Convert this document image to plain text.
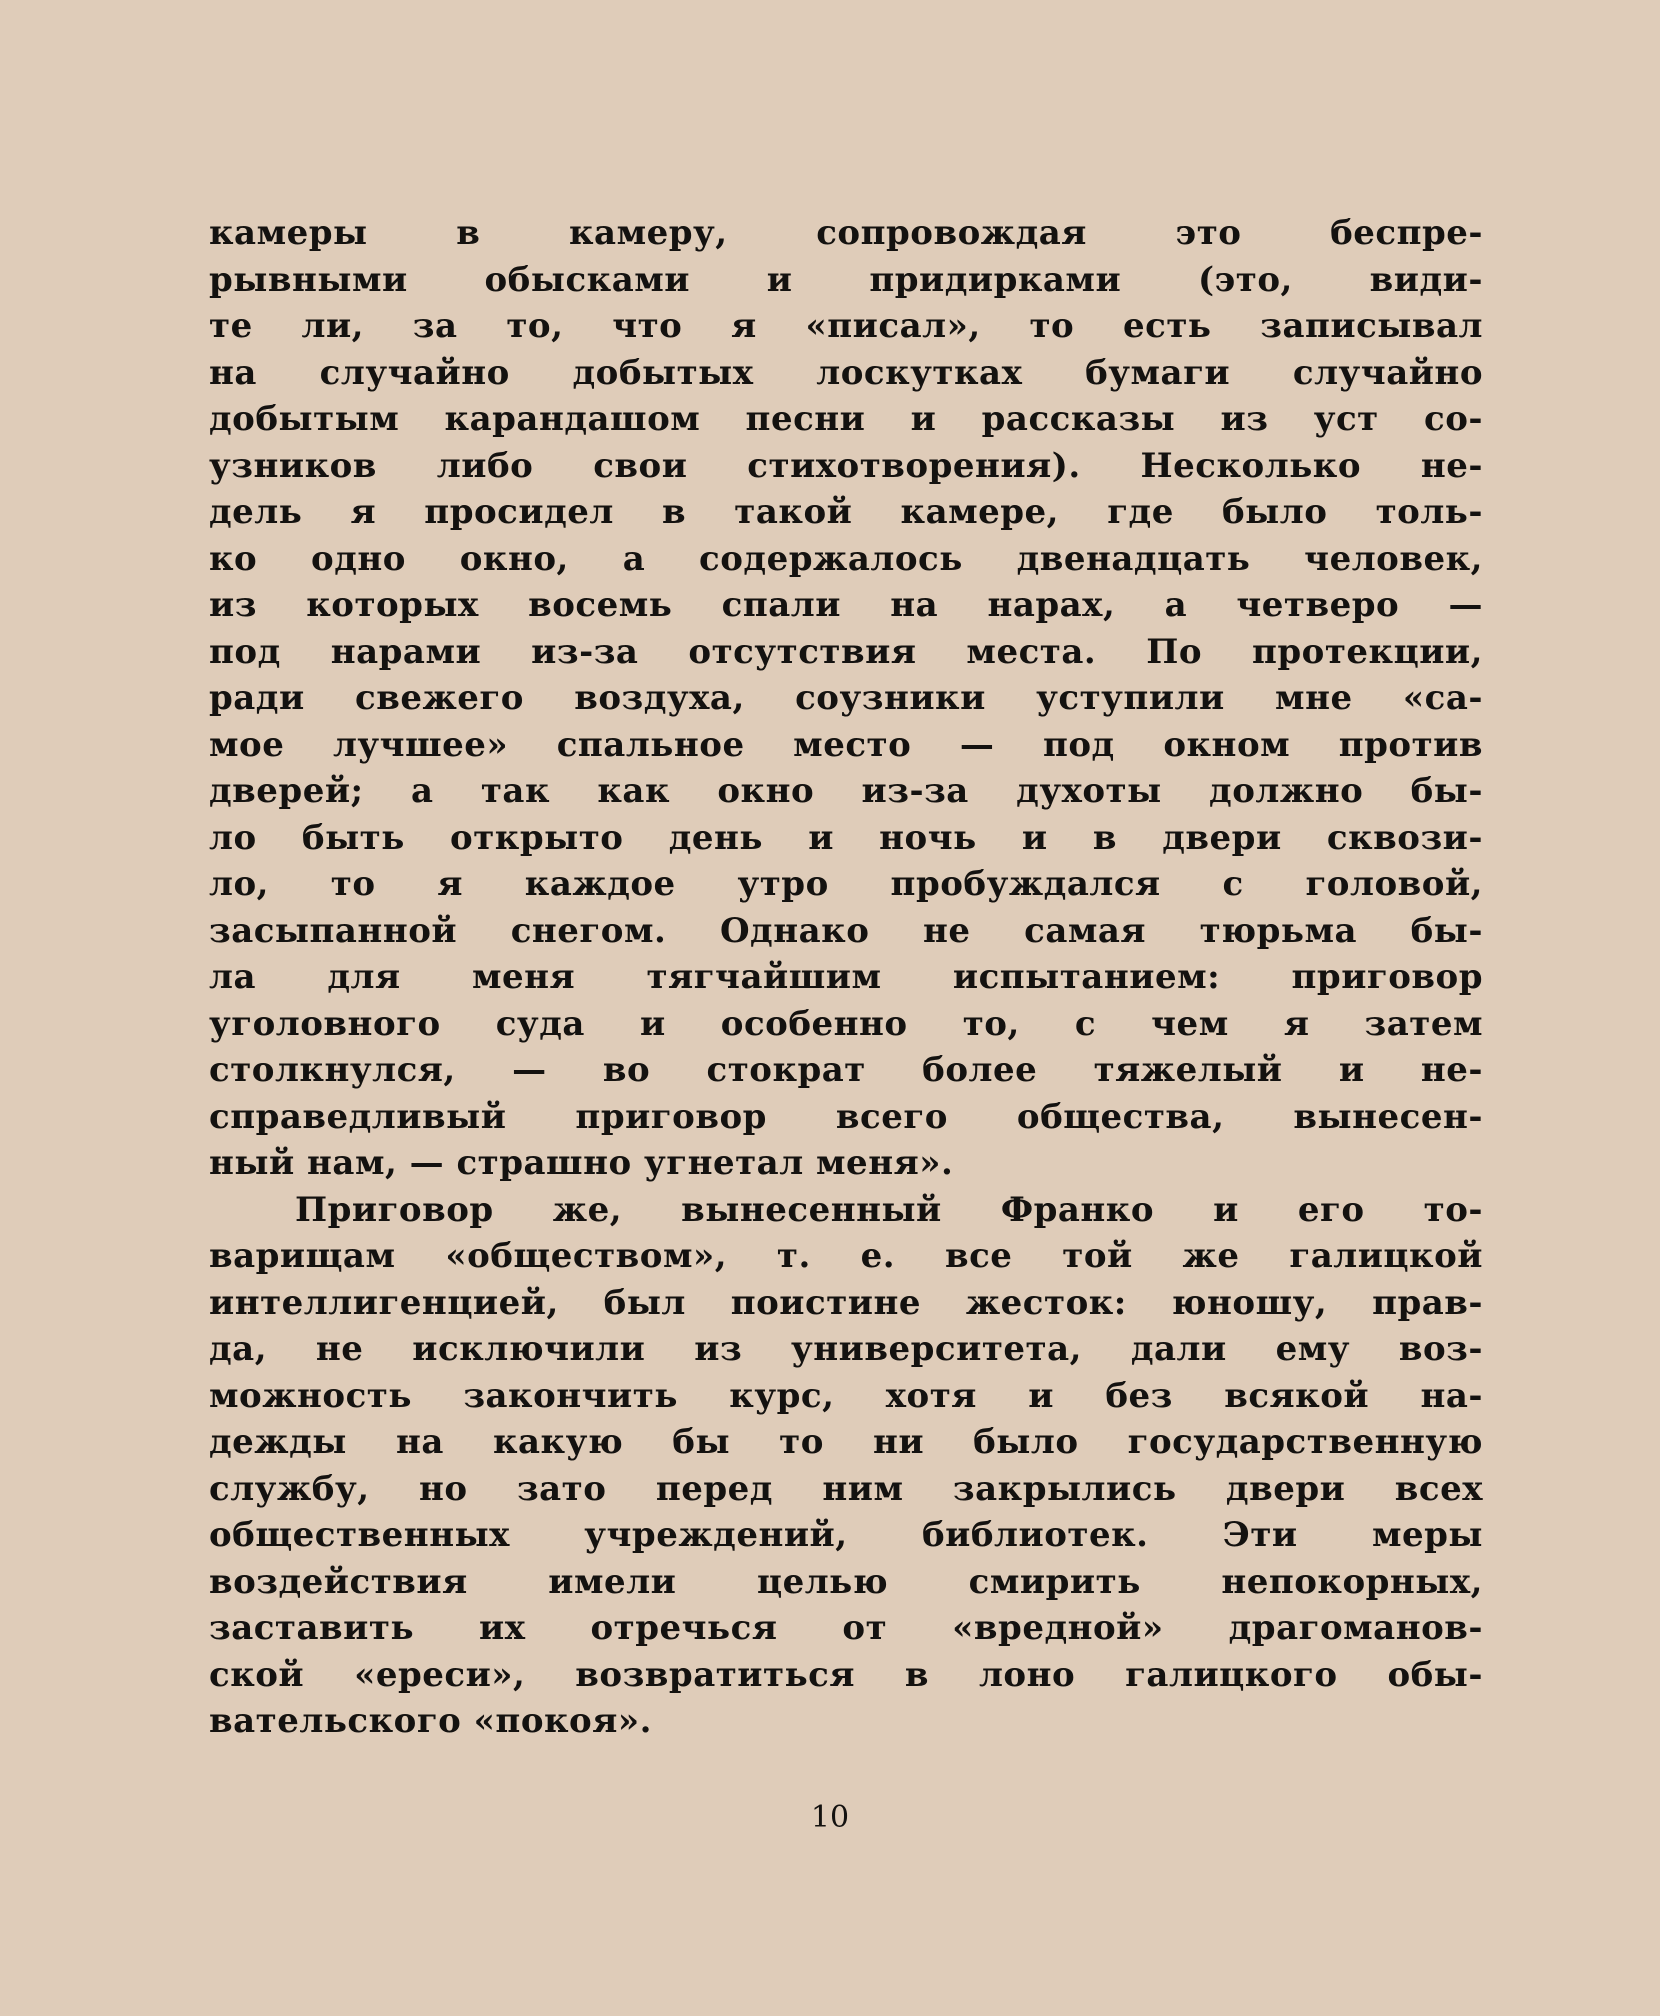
камеры в камеру, сопровождая это беспре-
рывными обысками и придирками (это, види-
те ли, за то, что я «писал», то есть записывал
на случайно добытых лоскутках бумаги случайно
добытым карандашом песни и рассказы из уст со-
узников либо свои стихотворения). Несколько не-
дель я просидел в такой камере, где было толь-
ко одно окно, а содержалось двенадцать человек,
из которых восемь спали на нарах, а четверо —
под нарами из-за отсутствия места. По протекции,
ради свежего воздуха, соузники уступили мне «са-
мое лучшее» спальное место — под окном против
дверей; а так как окно из-за духоты должно бы-
ло быть открыто день и ночь и в двери сквози-
ло, то я каждое утро пробуждался с головой,
засыпанной снегом. Однако не самая тюрьма бы-
ла для меня тягчайшим испытанием: приговор
уголовного суда и особенно то, с чем я затем
столкнулся, — во стократ более тяжелый и не-
справедливый приговор всего общества, вынесен-
ный нам, — страшно угнетал меня».
Приговор же, вынесенный Франко и его то-
варищам «обществом», т. е. все той же галицкой
интеллигенцией, был поистине жесток: юношу, прав-
да, не исключили из университета, дали ему воз-
можность закончить курс, хотя и без всякой на-
дежды на какую бы то ни было государственную
службу, но зато перед ним закрылись двери всех
общественных учреждений, библиотек. Эти меры
воздействия имели целью смирить непокорных,
заставить их отречься от «вредной» драгоманов-
ской «ереси», возвратиться в лоно галицкого обы-
вательского «покоя».
10
